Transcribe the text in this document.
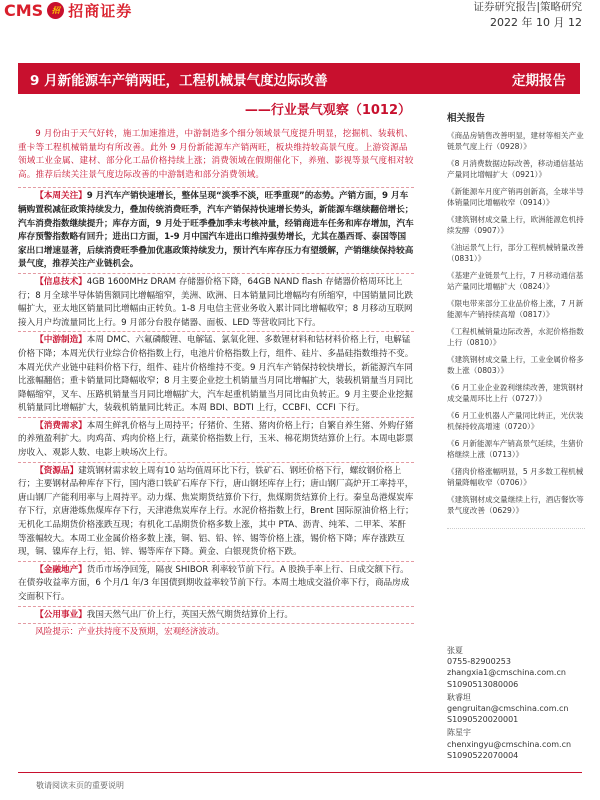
CMS	招 招商证券	证券研究报告|策略研究
2022 年 10 月 12
9 月新能源车产销两旺，工程机械景气度边际改善	定期报告
——行业景气观察（1012）

9 月份由于天气好转，施工加速推进，中游制造多个细分领域景气度提升明显，挖掘机、装载机、重卡等工程机械销量均有所改善。此外 9 月份新能源车产销两旺，板块维持较高景气度。上游资源品领域工业金属、建材、部分化工品价格持续上涨；消费领域在假期催化下，养殖、影视等景气度相对较高。推荐后续关注景气度边际改善的中游制造和部分消费领域。

【本周关注】9 月汽车产销快速增长，整体呈现“淡季不淡，旺季重现”的态势。产销方面，9 月车辆购置税减征政策持续发力，叠加传统消费旺季，汽车产销保持快速增长势头，新能源车继续翻倍增长；汽车消费指数继续提升；库存方面，9 月处于旺季叠加季末考核冲量，经销商进车任务和库存增加，汽车库存预警指数略有回升；进出口方面，1-9 月中国汽车进出口维持强势增长，尤其在墨西哥、泰国等国家出口增速显著，后续消费旺季叠加优惠政策持续发力，预计汽车库存压力有望缓解，产销继续保持较高景气度，推荐关注产业链机会。

【信息技术】4GB 1600MHz DRAM 存储器价格下降，64GB NAND flash 存储器价格周环比上行；8 月全球半导体销售额同比增幅缩窄，美洲、欧洲、日本销量同比增幅均有所缩窄，中国销量同比跌幅扩大，亚太地区销量同比增幅由正转负。1-8 月电信主营业务收入累计同比增幅收窄；8 月移动互联网接入月户均流量同比上行。9 月部分台股存储器、面板、LED 等营收同比下行。

【中游制造】本周 DMC、六氟磷酸锂、电解锰、氯氧化锂、多数锂材料和钴材料价格上行，电解锰价格下降；本周光伏行业综合价格指数上行，电池片价格指数上行，组件、硅片、多晶硅指数维持不变。本周光伏产业链中硅料价格下行，组件、硅片价格维持不变。9 月汽车产销保持较快增长，新能源汽车同比涨幅翻倍；重卡销量同比降幅收窄；8 月主要企业挖土机销量当月同比增幅扩大，装载机销量当月同比降幅缩窄，叉车、压路机销量当月同比增幅扩大，汽车起重机销量当月同比由负转正。9 月主要企业挖掘机销量同比增幅扩大，装载机销量同比转正。本周 BDI、BDTI 上行，CCBFI、CCFI 下行。

【消费需求】本周生鲜乳价格与上周持平；仔猪价、生猪、猪肉价格上行；自繁自养生猪、外购仔猪的养殖盈利扩大。肉鸡苗、鸡肉价格上行，蔬菜价格指数上行，玉米、棉花期货结算价上行。本周电影票房收入、观影人数、电影上映场次上行。

【资源品】建筑钢材需求较上周有10 站均值周环比下行，铁矿石、钢坯价格下行，螺纹钢价格上行；主要钢材品种库存下行，国内港口铁矿石库存下行，唐山钢坯库存上行；唐山钢厂高炉开工率持平，唐山钢厂产能利用率与上周持平。动力煤、焦炭期货结算价下行，焦煤期货结算价上行。秦皇岛港煤炭库存下行，京唐港炼焦煤库存下行，天津港焦炭库存上行。水泥价格指数上行，Brent 国际原油价格上行；无机化工品期货价格涨跌互现；有机化工品期货价格多数上涨，其中 PTA、沥青、纯苯、二甲苯、苯酐等涨幅较大。本周工业金属价格多数上涨，铜、铝、铅、锌、锡等价格上涨，锡价格下降；库存涨跌互现，铜、镍库存上行，铝、锌、锡等库存下降。黄金、白银现货价格下跌。

【金融地产】货币市场净回笼，隔夜 SHIBOR 利率较节前下行。A 股换手率上行、日成交额下行。在债券收益率方面，6 个月/1 年/3 年国债到期收益率较节前下行。本周土地成交溢价率下行，商品房成交面积下行。

【公用事业】我国天然气出厂价上行，英国天然气期货结算价上行。

风险提示：产业扶持度不及预期，宏观经济波动。
相关报告
《商品房销售改善明显，建材等相关产业链景气度上行（0928）》
《8 月消费数据边际改善，移动通信基站产量同比增幅扩大（0921）》
《新能源车月度产销再创新高，全球半导体销量同比增幅收窄（0914）》
《建筑钢材成交量上行，欧洲能源危机持续发酵（0907）》
《油运景气上行，部分工程机械销量改善（0831）》
《基建产业链景气上行，7 月移动通信基站产量同比增幅扩大（0824）》
《限电带来部分工业品价格上涨，7 月新能源车产销持续高增（0817）》
《工程机械销量边际改善，水泥价格指数上行（0810）》
《建筑钢材成交量上行，工业金属价格多数上涨（0803）》
《6 月工业企业盈利继续改善，建筑钢材成交量周环比上行（0727）》
《6 月工业机器人产量同比转正，光伏装机保持较高增速（0720）》
《6 月新能源车产销高景气延续，生猪价格继续上涨（0713）》
《猪肉价格涨幅明显，5 月多数工程机械销量降幅收窄（0706）》
《建筑钢材成交量继续上行，酒店餐饮等景气度改善（0629）》
张夏
0755-82900253
zhangxia1@cmschina.com.cn
S1090513080006
耿睿坦
gengruitan@cmschina.com.cn
S1090520020001
陈星宇
chenxingyu@cmschina.com.cn
S1090522070004
敬请阅读末页的重要说明
